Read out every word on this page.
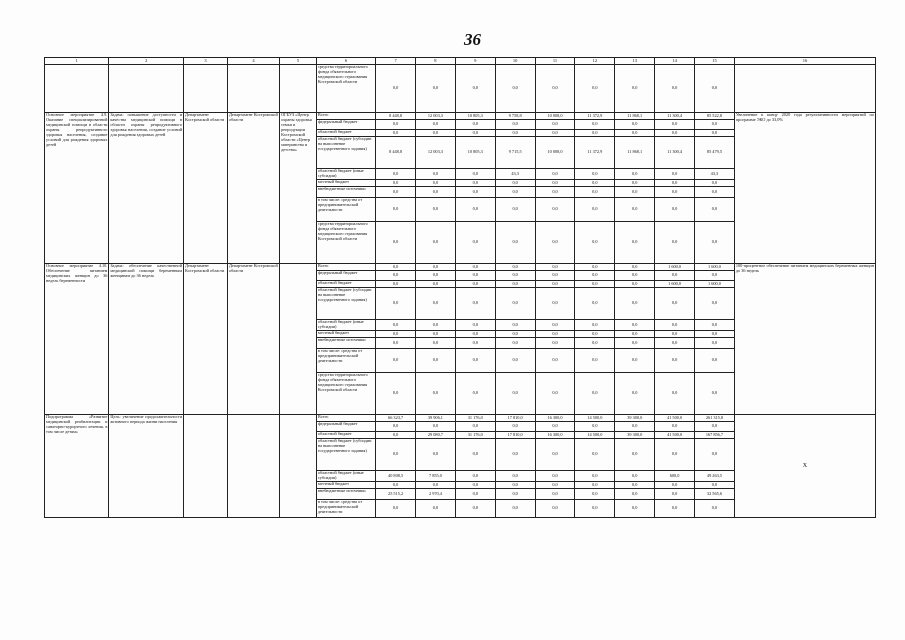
36
1	2	3	4	5	6	7	8	9	10	11	12	13	14	15	16
					средства территориального фонда обязательного медицинского страхования Костромской области	0,0	0,0	0,0	0,0	0,0	0,0	0,0	0,0	0,0	
Основное мероприятие 4.9. Оказание специализированной медицинской помощи в области охраны репродуктивного здоровья населения, создание условий для рождения здоровых детей	Задача: повышение доступности и качества медицинской помощи в области охраны репродуктивного здоровья населения, создание условий для рождения здоровых детей	Департамент Костромской области	Департамент Костромской области	ОГБУЗ «Центр охраны здоровья семьи и репродукции Костромской области «Центр материнства и детства»	Всего	8 448,8	12 003,3	10 805,3	9 758,8	10 008,0	11 372,9	11 868,1	11 300,4	85 522,8	Увеличение к концу 2020 года результативности мероприятий по программе ЭКО до 33,0%
					федеральный бюджет	0,0	0,0	0,0	0,0	0,0	0,0	0,0	0,0	0,0	
					областной бюджет	0,0	0,0	0,0	0,0	0,0	0,0	0,0	0,0	0,0	
					областной бюджет (субсидии на выполнение государственного задания)	8 448,8	12 003,3	10 805,3	9 715,5	10 008,0	11 372,9	11 868,1	11 300,4	85 479,5	
					областной бюджет (иные субсидии)	0,0	0,0	0,0	43,3	0,0	0,0	0,0	0,0	43,3	
					местный бюджет	0,0	0,0	0,0	0,0	0,0	0,0	0,0	0,0	0,0	
					внебюджетные источники	0,0	0,0	0,0	0,0	0,0	0,0	0,0	0,0	0,0	
					в том числе: средства от предпринимательской деятельности	0,0	0,0	0,0	0,0	0,0	0,0	0,0	0,0	0,0	
					средства территориального фонда обязательного медицинского страхования Костромской области	0,0	0,0	0,0	0,0	0,0	0,0	0,0	0,0	0,0	
Основное мероприятие 4.10. Обеспечение питанием медицинских женщин до 36 недель беременности	Задача: обеспечение качественной медицинской помощи беременным женщинам до 36 недель	Департамент Костромской области	Департамент Костромской области		Всего	0,0	0,0	0,0	0,0	0,0	0,0	0,0	1 600,0	1 600,0	100-процентное обеспечение питанием медицинских беременных женщин до 36 недель
					федеральный бюджет	0,0	0,0	0,0	0,0	0,0	0,0	0,0	0,0	0,0	
					областной бюджет	0,0	0,0	0,0	0,0	0,0	0,0	0,0	1 600,0	1 600,0	
					областной бюджет (субсидии на выполнение государственного задания)	0,0	0,0	0,0	0,0	0,0	0,0	0,0	0,0	0,0	
					областной бюджет (иные субсидии)	0,0	0,0	0,0	0,0	0,0	0,0	0,0	0,0	0,0	
					местный бюджет	0,0	0,0	0,0	0,0	0,0	0,0	0,0	0,0	0,0	
					внебюджетные источники	0,0	0,0	0,0	0,0	0,0	0,0	0,0	0,0	0,0	
					в том числе: средства от предпринимательской деятельности	0,0	0,0	0,0	0,0	0,0	0,0	0,0	0,0	0,0	
					средства территориального фонда обязательного медицинского страхования Костромской области	0,0	0,0	0,0	0,0	0,0	0,0	0,0	0,0	0,0	
Подпрограмма «Развитие медицинской реабилитации и санаторно-курортного лечения, в том числе детям»	Цель: увеличение продолжительности активного периода жизни населения				Всего	66 323,7	39 906,1	31 176,0	17 810,0	16 300,0	14 500,0	39 300,0	41 500,0	261 315,8	Х
					федеральный бюджет	0,0	0,0	0,0	0,0	0,0	0,0	0,0	0,0	0,0	
					областной бюджет	0,0	29 080,7	31 176,0	17 810,0	16 300,0	14 500,0	39 300,0	41 500,0	167 856,7	
					областной бюджет (субсидии на выполнение государственного задания)	0,0	0,0	0,0	0,0	0,0	0,0	0,0	0,0	0,0	
					областной бюджет (иные субсидии)	40 808,5	7 855,0	0,0	0,0	0,0	0,0	0,0	600,0	49 263,5	
					местный бюджет	0,0	0,0	0,0	0,0	0,0	0,0	0,0	0,0	0,0	
					внебюджетные источники	25 515,2	2 970,4	0,0	0,0	0,0	0,0	0,0	0,0	32 565,6	
					в том числе: средства от предпринимательской деятельности	0,0	0,0	0,0	0,0	0,0	0,0	0,0	0,0	0,0	
